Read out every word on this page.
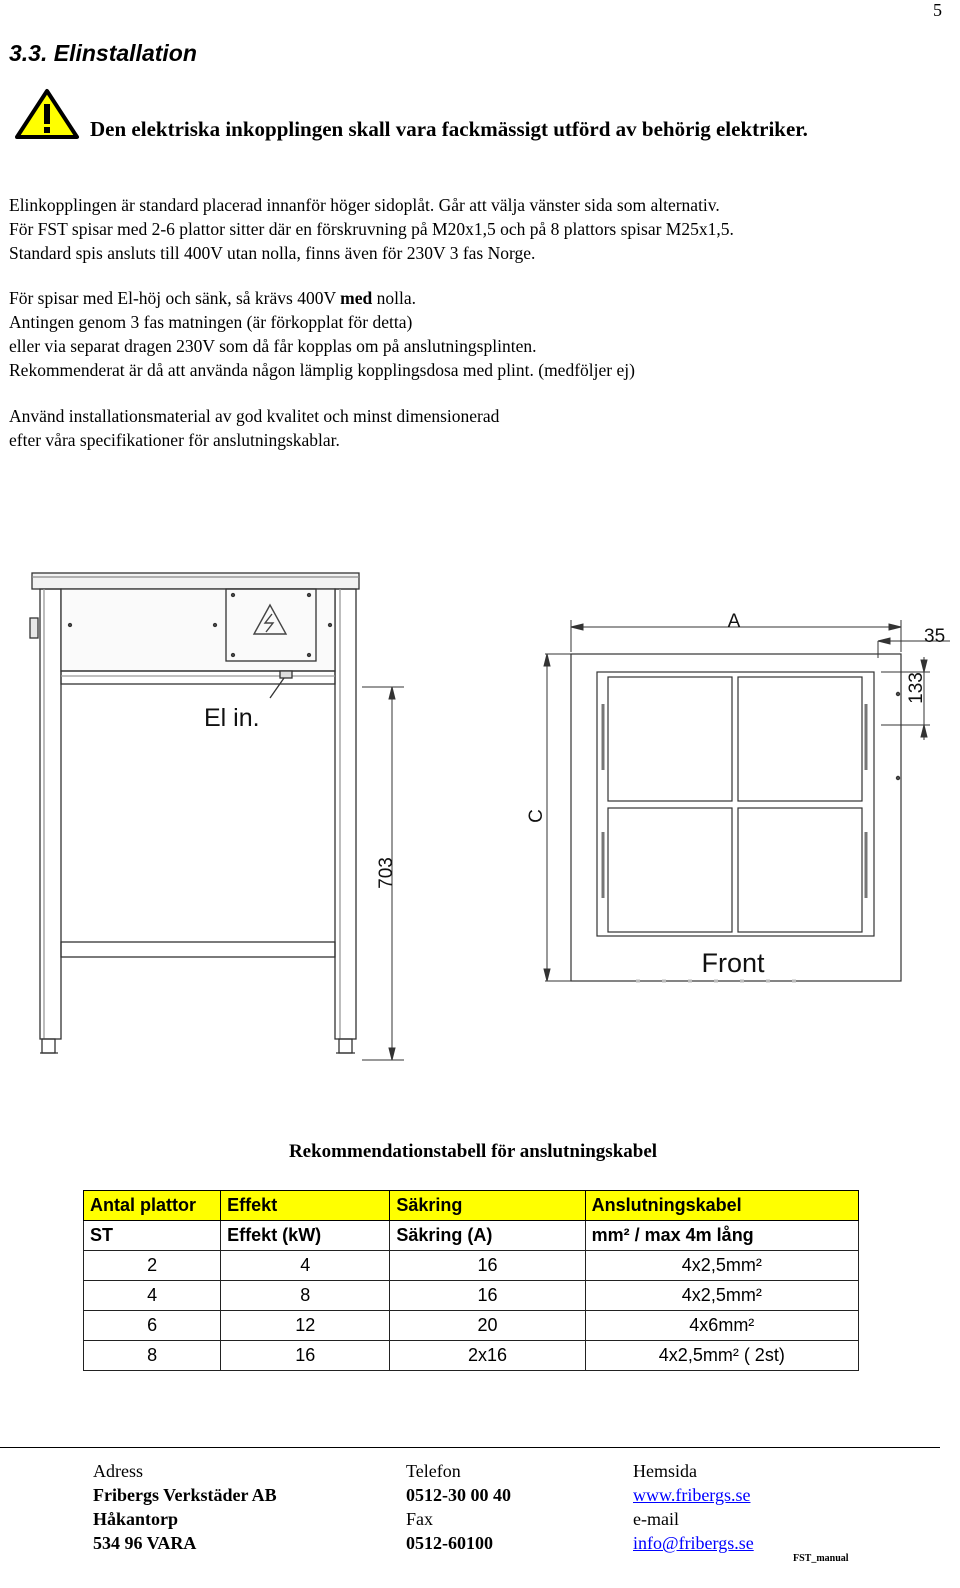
5
3.3. Elinstallation
Den elektriska inkopplingen skall vara fackmässigt utförd av behörig elektriker.

Elinkopplingen är standard placerad innanför höger sidoplåt. Går att välja vänster sida som alternativ.

För FST spisar med 2-6 plattor sitter där en förskruvning på M20x1,5 och på 8 plattors spisar M25x1,5.

Standard spis ansluts till 400V utan nolla, finns även för 230V 3 fas Norge.

För spisar med El-höj och sänk, så krävs 400V med nolla.

Antingen genom 3 fas matningen (är förkopplat för detta)

eller via separat dragen 230V som då får kopplas om på anslutningsplinten.

Rekommenderat är då att använda någon lämplig kopplingsdosa med plint. (medföljer ej)

Använd installationsmaterial av god kvalitet och minst dimensionerad

efter våra specifikationer för anslutningskablar.

El in.
703
A
35
133
C
Front
Rekommendationstabell för anslutningskabel
Antal plattor	Effekt	Säkring	Anslutningskabel
ST	Effekt (kW)	Säkring (A)	mm² / max 4m lång
2	4	16	4x2,5mm²
4	8	16	4x2,5mm²
6	12	20	4x6mm²
8	16	2x16	4x2,5mm² ( 2st)
Adress
Fribergs Verkstäder AB
Håkantorp
534 96 VARA
Telefon
0512-30 00 40
Fax
0512-60100
Hemsida
www.fribergs.se
e-mail
info@fribergs.se
FST_manual
